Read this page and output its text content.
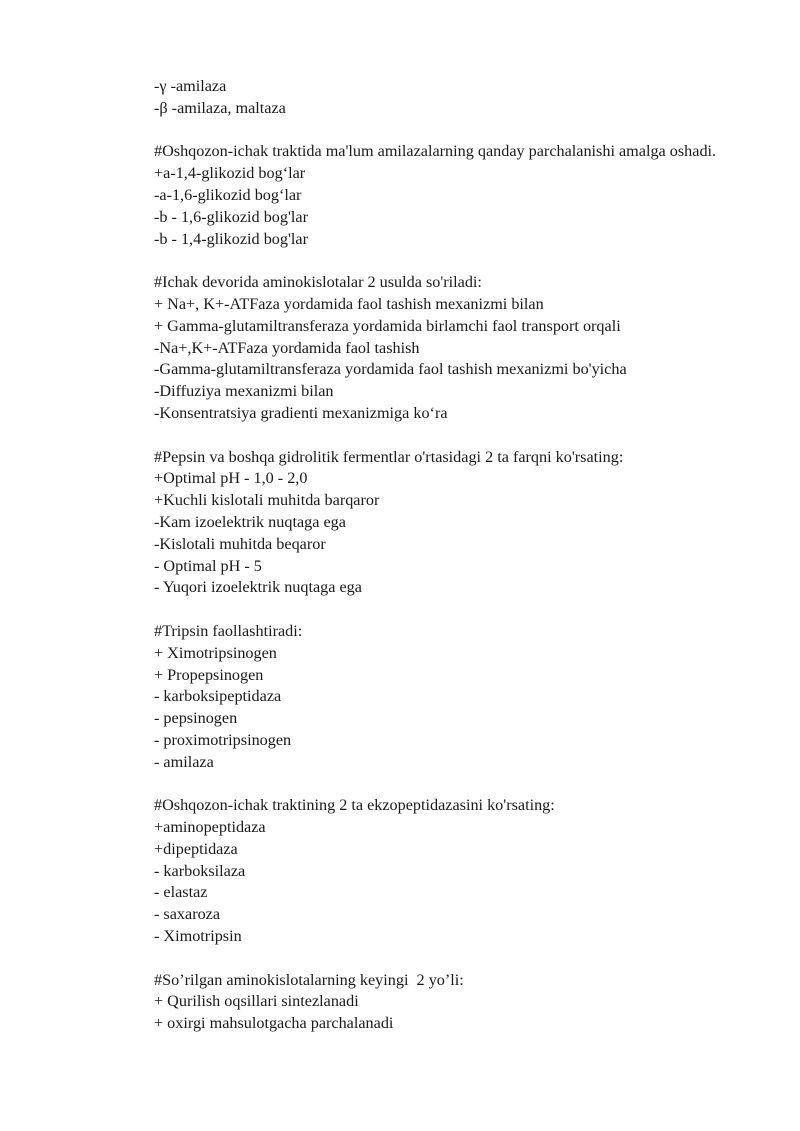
-γ -amilaza
-β -amilaza, maltaza
#Oshqozon-ichak traktida ma'lum amilazalarning qanday parchalanishi amalga oshadi.
+a-1,4-glikozid bog‘lar
-a-1,6-glikozid bog‘lar
-b - 1,6-glikozid bog'lar
-b - 1,4-glikozid bog'lar
#Ichak devorida aminokislotalar 2 usulda so'riladi:
+ Na+, K+-ATFaza yordamida faol tashish mexanizmi bilan
+ Gamma-glutamiltransferaza yordamida birlamchi faol transport orqali
-Na+,K+-ATFaza yordamida faol tashish
-Gamma-glutamiltransferaza yordamida faol tashish mexanizmi bo'yicha
-Diffuziya mexanizmi bilan
-Konsentratsiya gradienti mexanizmiga ko‘ra
#Pepsin va boshqa gidrolitik fermentlar o'rtasidagi 2 ta farqni ko'rsating:
+Optimal pH - 1,0 - 2,0
+Kuchli kislotali muhitda barqaror
-Kam izoelektrik nuqtaga ega
-Kislotali muhitda beqaror
- Optimal pH - 5
- Yuqori izoelektrik nuqtaga ega
#Tripsin faollashtiradi:
+ Ximotripsinogen
+ Propepsinogen
- karboksipeptidaza
- pepsinogen
- proximotripsinogen
- amilaza
#Oshqozon-ichak traktining 2 ta ekzopeptidazasini ko'rsating:
+aminopeptidaza
+dipeptidaza
- karboksilaza
- elastaz
- saxaroza
- Ximotripsin
#So’rilgan aminokislotalarning keyingi  2 yo’li:
+ Qurilish oqsillari sintezlanadi
+ oxirgi mahsulotgacha parchalanadi
